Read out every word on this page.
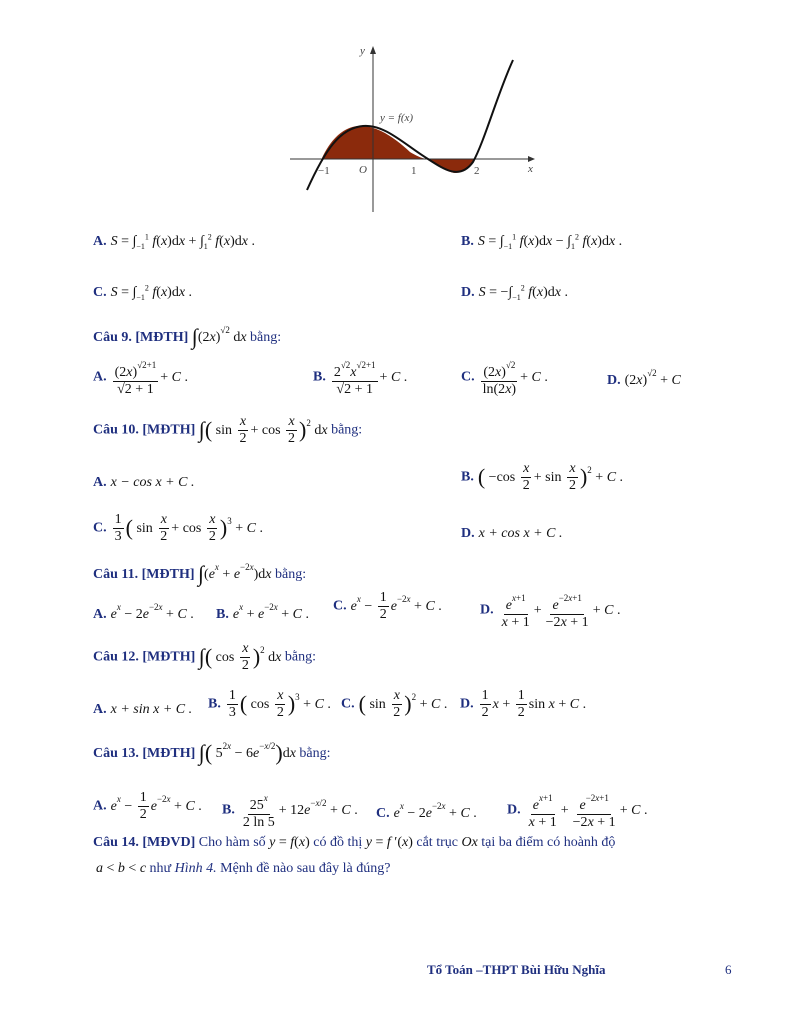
y
x
y = f(x)
−1	O	1	2
A. $S = \int_{-1}^1$ $f(x)dx + \int_1^2$ f(x)dx .	B. $S = \int_{-1}^1$ $f(x)dx - \int_1^2$ f(x)dx .
C. $S = \int_{-1}^2$ f(x)dx .	D. $S = -\int_{-1}^2$ f(x)dx .
Câu 9. [MĐTH] $\int(2x)^{√2}$ dx bằng:
A. $\frac{(2x)^{√2+1}}{√2 + 1} + C$ .	B. $\frac{2^{√2}x^{√2+1}}{√2 + 1} + C$ .	C. $\frac{(2x)^{√2}}{\ln(2x)} + C$ .	D. $(2x)^{√2} + C$
Câu 10. [MĐTH] ∫( $\sin \frac{x}{2} + \cos \frac{x}{2} )^2$ dx bằng:
A. x − cos x + C .	B. ( $-\cos \frac{x}{2} + \sin \frac{x}{2} )^2 + C$ .
C. $\frac{1}{3}$ ( $\sin \frac{x}{2} + \cos \frac{x}{2} )^3 + C$ .	D. x + cos x + C .
Câu 11. [MĐTH] $\int(e^x + e^{-2x})dx$ bằng:
A. $e^x - 2e^{-2x} + C$ . B. $e^x + e^{-2x} + C$ .
C. $e^x - \frac{1}{2} e^{-2x} + C$ .	D. $\frac{e^{x+1}}{x + 1} + \frac{e^{-2x+1}}{-2x + 1} + C$ .
Câu 12. [MĐTH] ∫( $\cos \frac{x}{2} )^2$ dx bằng:
A. x + sin x + C . B. $\frac{1}{3}$ ( $\cos \frac{x}{2} )^3 + C$ . C. ( $\sin \frac{x}{2} )^2 + C$ . D. $\frac{1}{2}$ $x + \frac{1}{2}$ sin x + C .
Câu 13. [MĐTH] ∫( $5^{2x} - 6e^{-x/2})dx$ bằng:
A. $e^x - \frac{1}{2} e^{-2x} + C$ . B. $\frac{25^x}{2 \ln 5} + 12e^{-x/2} + C$ . C. $e^x - 2e^{-2x} + C$ . D. $\frac{e^{x+1}}{x + 1} + \frac{e^{-2x+1}}{-2x + 1} + C$ .
Câu 14. [MĐVD] Cho hàm số y = f(x) có đồ thị y = f ′(x) cắt trục Ox tại ba điểm có hoành độ
a < b < c như Hình 4. Mệnh đề nào sau đây là đúng?
Tổ Toán –THPT Bùi Hữu Nghĩa	6
